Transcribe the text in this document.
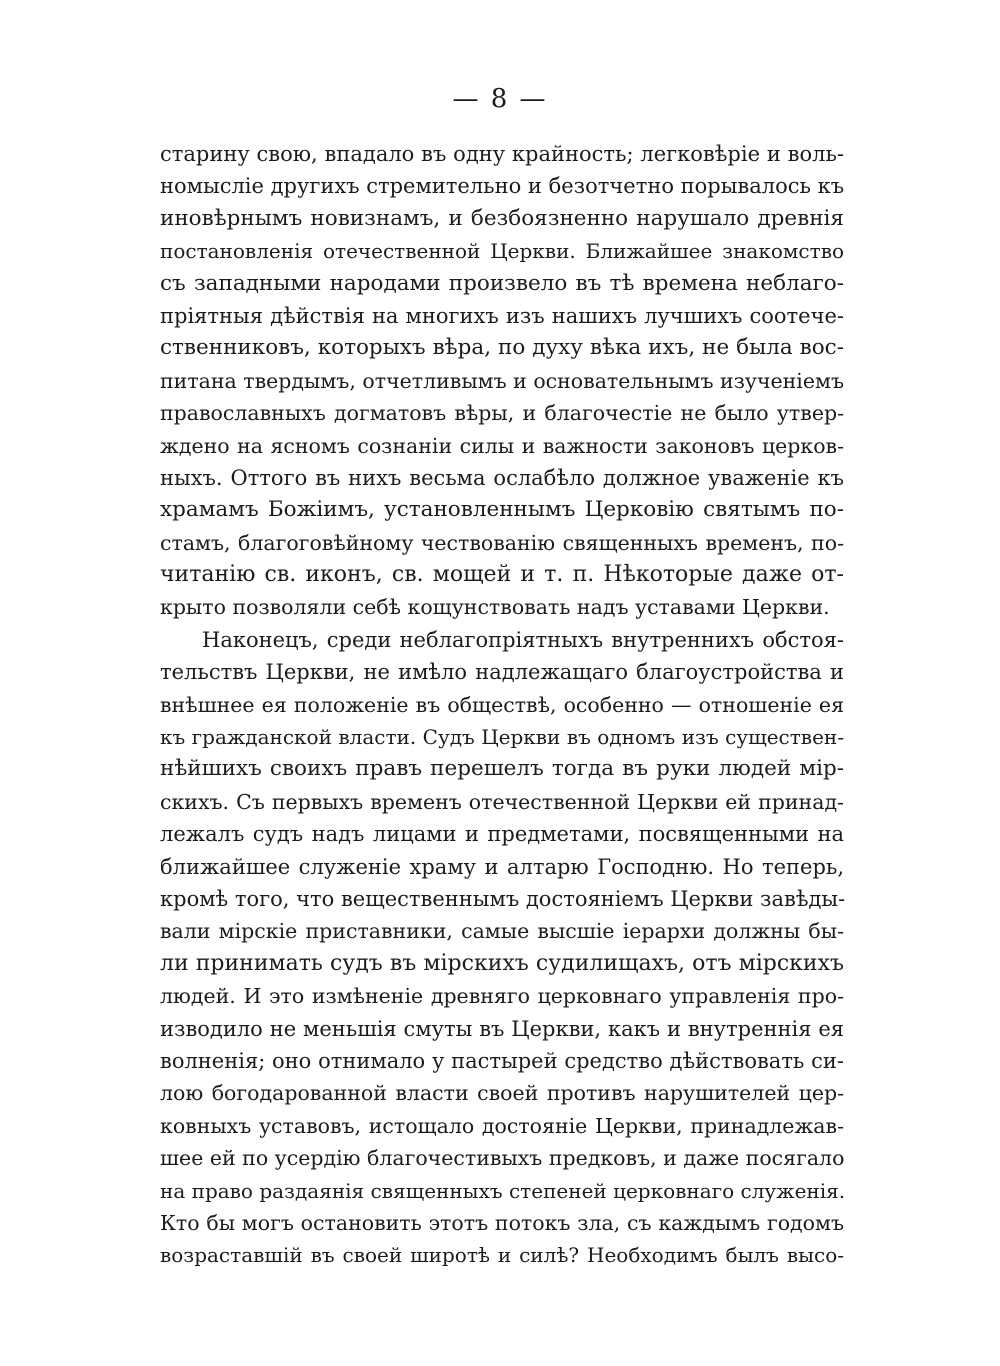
— 8 —
старину свою, впадало въ одну крайность; легковѣріе и воль-
номысліе другихъ стремительно и безотчетно порывалось къ
иновѣрнымъ новизнамъ, и безбоязненно нарушало древнія
постановленія отечественной Церкви. Ближайшее знакомство
съ западными народами произвело въ тѣ времена неблаго-
пріятныя дѣйствія на многихъ изъ нашихъ лучшихъ соотече-
ственниковъ, которыхъ вѣра, по духу вѣка ихъ, не была вос-
питана твердымъ, отчетливымъ и основательнымъ изученіемъ
православныхъ догматовъ вѣры, и благочестіе не было утвер-
ждено на ясномъ сознаніи силы и важности законовъ церков-
ныхъ. Оттого въ нихъ весьма ослабѣло должное уваженіе къ
храмамъ Божіимъ, установленнымъ Церковію святымъ по-
стамъ, благоговѣйному чествованію священныхъ временъ, по-
читанію св. иконъ, св. мощей и т. п. Нѣкоторые даже от-
крыто позволяли себѣ кощунствовать надъ уставами Церкви.
Наконецъ, среди неблагопріятныхъ внутреннихъ обстоя-
тельствъ Церкви, не имѣло надлежащаго благоустройства и
внѣшнее ея положеніе въ обществѣ, особенно — отношеніе ея
къ гражданской власти. Судъ Церкви въ одномъ изъ существен-
нѣйшихъ своихъ правъ перешелъ тогда въ руки людей мір-
скихъ. Съ первыхъ временъ отечественной Церкви ей принад-
лежалъ судъ надъ лицами и предметами, посвященными на
ближайшее служеніе храму и алтарю Господню. Но теперь,
кромѣ того, что вещественнымъ достояніемъ Церкви завѣды-
вали мірскіе приставники, самые высшіе іерархи должны бы-
ли принимать судъ въ мірскихъ судилищахъ, отъ мірскихъ
людей. И это измѣненіе древняго церковнаго управленія про-
изводило не меньшія смуты въ Церкви, какъ и внутреннія ея
волненія; оно отнимало у пастырей средство дѣйствовать си-
лою богодарованной власти своей противъ нарушителей цер-
ковныхъ уставовъ, истощало достояніе Церкви, принадлежав-
шее ей по усердію благочестивыхъ предковъ, и даже посягало
на право раздаянія священныхъ степеней церковнаго служенія.
Кто бы могъ остановить этотъ потокъ зла, съ каждымъ годомъ
возраставшій въ своей широтѣ и силѣ? Необходимъ былъ высо-
